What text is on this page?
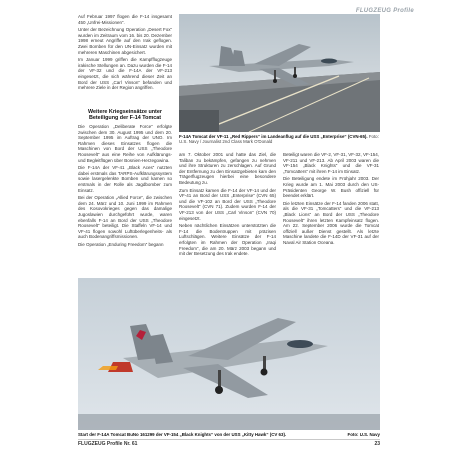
FLUGZEUG Profile

Auf Februar 1997 flogen die F-14 insgesamt 450 „Unfrei-Missionen“.

Unter der Bezeichnung Operation „Desert Fox“ wurden im Zeitraum vom 16. bis 20. Dezember 1998 erneut Angriffe auf den Irak geflogen. Zwei Bomben für den UN-Einsatz wurden mit mehreren Maschinen abgesichert.

Im Januar 1999 griffen die Kampfflugzeuge irakische Stellungen an. Dazu wurden die F-14 der VF-32 und die F-14A der VF-213 eingesetzt, die sich während dieser Zeit an Bord der USS „Carl Vinson“ befanden und mehrere Ziele in der Region angriffen.

Weitere Kriegseinsätze unter Beteiligung der F-14 Tomcat

Die Operation „Deliberate Force“ erfolgte zwischen dem 30. August 1995 und dem 20. September 1995 im Auftrag der UNO. Im Rahmen dieses Einsatzes flogen die Maschinen von Bord der USS „Theodore Roosevelt“ aus eine Reihe von Aufklärungs- und Begleitflügen über Bosnien-Herzegowina.

Die F-14A der VF-41 „Black Aces“ nutzten dabei erstmals das TARPS-Aufklärungssystem sowie lasergelenkte Bomben und kamen so erstmals in der Rolle als Jagdbomber zum Einsatz.

Bei der Operation „Allied Force“, die zwischen dem 24. März und 10. Juni 1999 im Rahmen des Kosovokrieges gegen das damalige Jugoslawien durchgeführt wurde, waren ebenfalls F-14 an Bord der USS „Theodore Roosevelt“ beteiligt. Die Staffeln VF-14 und VF-41 flogen sowohl Luftüberlegenheits- als auch Bodenangriffsmissionen.

Die Operation „Enduring Freedom“ begann

F-14A Tomcat der VF-11 „Red Rippers“ im Landeanflug auf die USS „Enterprise“ (CVN-65). Foto: U.S. Navy / Journalist 2nd Class Mark O'Donald

am 7. Oktober 2001 und hatte das Ziel, die Taliban zu bekämpfen, gefangen zu nehmen und ihre Strukturen zu zerschlagen. Auf Grund der Entfernung zu den Einsatzgebieten kam den Trägerflugzeugen hierbei eine besondere Bedeutung zu.

Zum Einsatz kamen die F-14 der VF-14 und der VF-41 an Bord der USS „Enterprise“ (CVN 65) und die VF-102 an Bord der USS „Theodore Roosevelt“ (CVN 71). Zudem wurden F-14 der VF-213 von der USS „Carl Vinson“ (CVN 70) eingesetzt.

Neben nächtlichen Einsätzen unterstützten die F-14 die Bodentruppen mit präzisen Luftschlägen. Weitere Einsätze der F-14 erfolgten im Rahmen der Operation „Iraqi Freedom“, die am 20. März 2003 begann und mit der Besetzung des Irak endete.

Beteiligt waren die VF-2, VF-31, VF-32, VF-154, VF-211 und VF-213. Ab April 2003 waren die VF-154 „Black Knights“ und die VF-31 „Tomcatters“ mit ihren F-14 im Einsatz.

Die Beteiligung endete im Frühjahr 2003. Der Krieg wurde am 1. Mai 2003 durch den US-Präsidenten George W. Bush offiziell für beendet erklärt.

Die letzten Einsätze der F-14 fanden 2006 statt, als die VF-31 „Tomcatters“ und die VF-213 „Black Lions“ an Bord der USS „Theodore Roosevelt“ ihren letzten Kampfeinsatz flogen. Am 22. September 2006 wurde die Tomcat offiziell außer Dienst gestellt. Als letzte Maschine landete die F-14D der VF-31 auf der Naval Air Station Oceana.

Start der F-14A Tomcat BuNo 161299 der VF-154 „Black Knights“ von der USS „Kitty Hawk“ (CV 63).	Foto: U.S. Navy
FLUGZEUG Profile Nr. 61	23
